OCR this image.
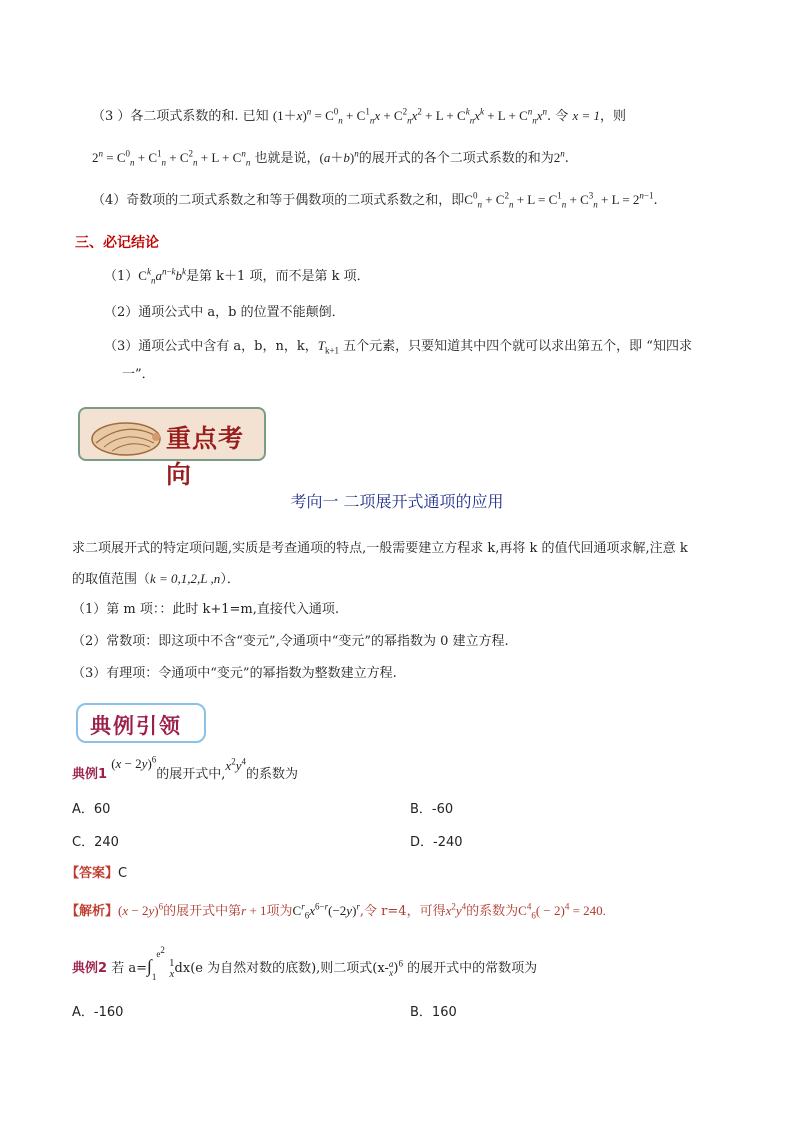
（3 ）各二项式系数的和. 已知 $(1+x)^n = C^0_n + C^1_nx + C^2_nx^2 + L + C^k_nx^k + L + C^n_nx^n$. 令 x = 1，则
$2^n = C^0_n + C^1_n + C^2_n + L + C^n_n$ 也就是说，$(a+b)^n$的展开式的各个二项式系数的和为2$^n$.
（4）奇数项的二项式系数之和等于偶数项的二项式系数之和，即$C^0_n + C^2_n + L = C^1_n + C^3_n + L = 2^{n-1}$.
三、必记结论
$(1)C^k_na^{n-k}b^k$是第 k＋1 项，而不是第 k 项．
（2）通项公式中 a，b 的位置不能颠倒．
（3）通项公式中含有 a，b，n，k，$T_{k+1}$ 五个元素，只要知道其中四个就可以求出第五个，即 “知四求
一”．
重点考向
考向一 二项展开式通项的应用
求二项展开式的特定项问题,实质是考查通项的特点,一般需要建立方程求 k,再将 k 的值代回通项求解,注意 k
的取值范围（k = 0,1,2,L ,n）．
（1）第 m 项：：此时 k+1=m,直接代入通项.
（2）常数项：即这项中不含“变元”,令通项中“变元”的幂指数为 0 建立方程.
（3）有理项：令通项中“变元”的幂指数为整数建立方程.
典例引领
典例1 $(x - 2y)^6$的展开式中$,x^2y^4$的系数为
A．60	B．-60
C．240	D．-240
【答案】C
【解析】$(x - 2y)^6$的展开式中第r + 1项为$C^r_6x^{6-r}(-2y)^r$,令 r=4，可得$x^2y^4$的系数为$C^4_6( - 2)^4 = 240$.
典例2 若 $a=\int_1^{e^2}$ 1
xdx(e 为自然对数的底数),则二项式(x-a
x)$^6$ 的展开式中的常数项为
A．-160	B．160
